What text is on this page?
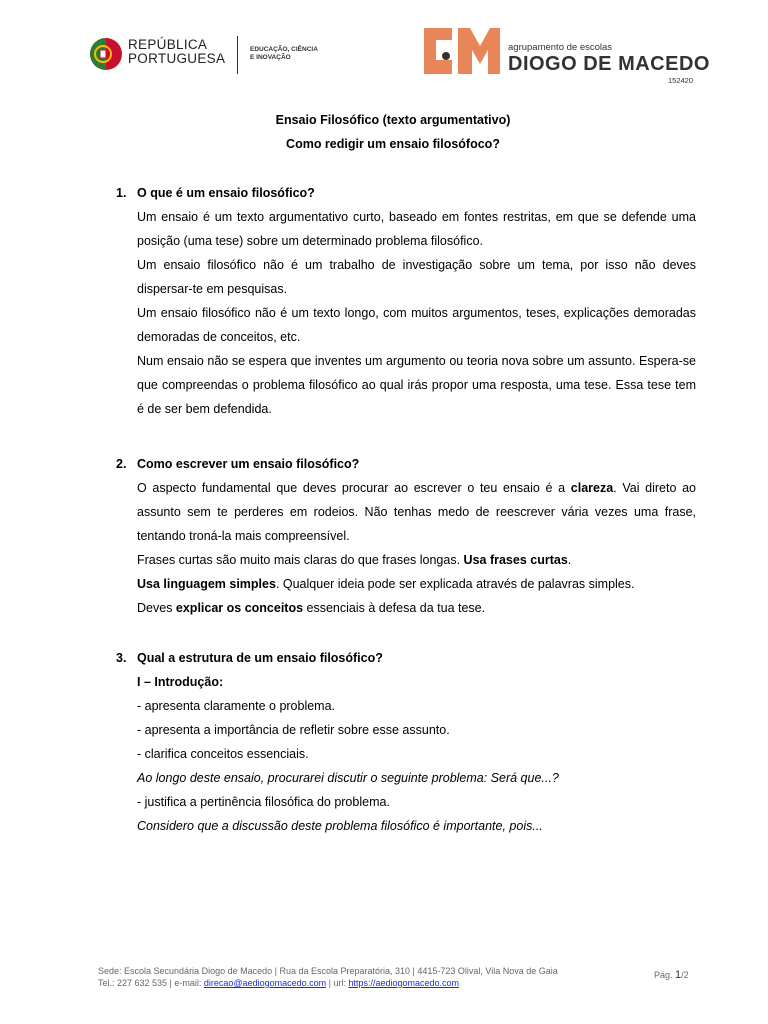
REPÚBLICA
PORTUGUESA
EDUCAÇÃO, CIÊNCIA
E INOVAÇÃO
agrupamento de escolas
DIOGO DE MACEDO
152420
Ensaio Filosófico (texto argumentativo)
Como redigir um ensaio filosófoco?
1. O que é um ensaio filosófico?

Um ensaio é um texto argumentativo curto, baseado em fontes restritas, em que se defende uma posição (uma tese) sobre um determinado problema filosófico.

Um ensaio filosófico não é um trabalho de investigação sobre um tema, por isso não deves dispersar-te em pesquisas.

Um ensaio filosófico não é um texto longo, com muitos argumentos, teses, explicações demoradas demoradas de conceitos, etc.

Num ensaio não se espera que inventes um argumento ou teoria nova sobre um assunto. Espera-se que compreendas o problema filosófico ao qual irás propor uma resposta, uma tese. Essa tese tem é de ser bem defendida.

2. Como escrever um ensaio filosófico?

O aspecto fundamental que deves procurar ao escrever o teu ensaio é a clareza. Vai direto ao assunto sem te perderes em rodeios. Não tenhas medo de reescrever vária vezes uma frase, tentando troná-la mais compreensível.

Frases curtas são muito mais claras do que frases longas. Usa frases curtas.

Usa linguagem simples. Qualquer ideia pode ser explicada através de palavras simples.

Deves explicar os conceitos essenciais à defesa da tua tese.

3. Qual a estrutura de um ensaio filosófico?

I – Introdução:

- apresenta claramente o problema.

- apresenta a importância de refletir sobre esse assunto.

- clarifica conceitos essenciais.

Ao longo deste ensaio, procurarei discutir o seguinte problema: Será que...?

- justifica a pertinência filosófica do problema.

Considero que a discussão deste problema filosófico é importante, pois...

Sede: Escola Secundária Diogo de Macedo | Rua da Escola Preparatória, 310 | 4415-723 Olival, Vila Nova de Gaia
Tel.: 227 632 535 | e-mail: direcao@aediogomacedo.com | url: https://aediogomacedo.com
Pág. 1/2
